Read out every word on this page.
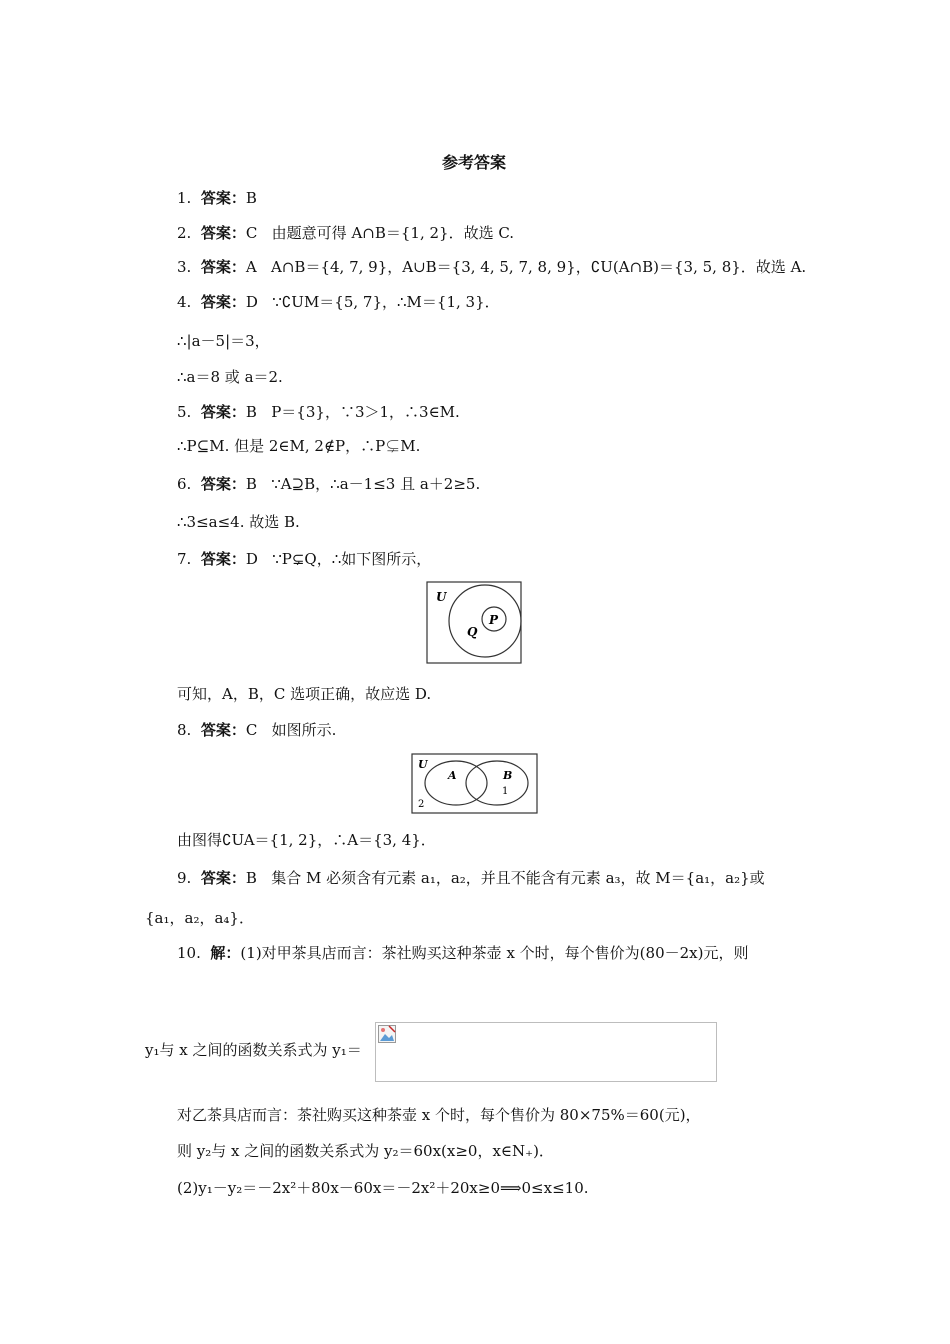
参考答案
1. 答案：B
2. 答案：C 由题意可得 A∩B＝{1, 2}．故选 C.
3. 答案：A A∩B＝{4, 7, 9}，A∪B＝{3, 4, 5, 7, 8, 9}，∁U(A∩B)＝{3, 5, 8}．故选 A.
4. 答案：D ∵∁UM＝{5, 7}，∴M＝{1, 3}．
∴|a－5|＝3，
∴a＝8 或 a＝2.
5. 答案：B P＝{3}，∵3＞1，∴3∈M.
∴P⊆M. 但是 2∈M, 2∉P，∴P⊊M.
6. 答案：B ∵A⊇B，∴a－1≤3 且 a＋2≥5.
∴3≤a≤4. 故选 B.
7. 答案：D ∵P⊊Q，∴如下图所示，
U
Q
P
可知，A，B，C 选项正确，故应选 D.
8. 答案：C 如图所示.
U
A	B
1
2
由图得∁UA＝{1, 2}，∴A＝{3, 4}．
9. 答案：B 集合 M 必须含有元素 a₁，a₂，并且不能含有元素 a₃，故 M＝{a₁，a₂}或
{a₁，a₂，a₄}．
10. 解：(1)对甲茶具店而言：茶社购买这种茶壶 x 个时，每个售价为(80－2x)元，则
y₁与 x 之间的函数关系式为 y₁＝
对乙茶具店而言：茶社购买这种茶壶 x 个时，每个售价为 80×75%＝60(元)，
则 y₂与 x 之间的函数关系式为 y₂＝60x(x≥0，x∈N₊)．
(2)y₁－y₂＝－2x²＋80x－60x＝－2x²＋20x≥0⟹0≤x≤10.
